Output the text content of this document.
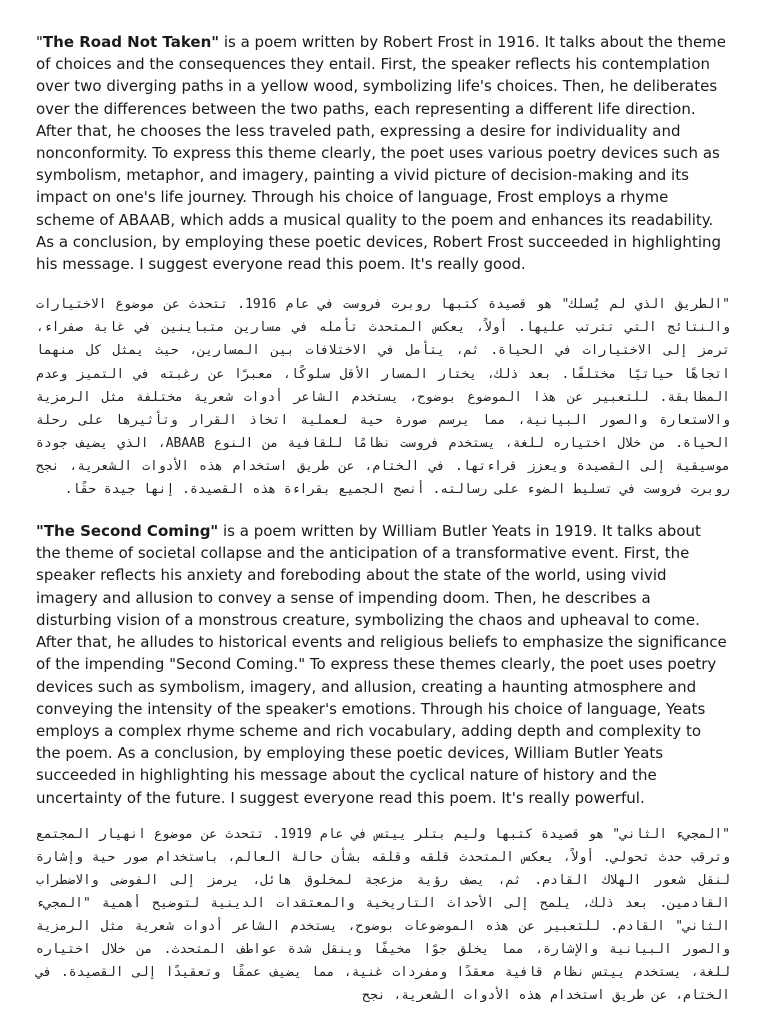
"The Road Not Taken" is a poem written by Robert Frost in 1916. It talks about the theme of choices and the consequences they entail. First, the speaker reflects his contemplation over two diverging paths in a yellow wood, symbolizing life's choices. Then, he deliberates over the differences between the two paths, each representing a different life direction. After that, he chooses the less traveled path, expressing a desire for individuality and nonconformity. To express this theme clearly, the poet uses various poetry devices such as symbolism, metaphor, and imagery, painting a vivid picture of decision-making and its impact on one's life journey. Through his choice of language, Frost employs a rhyme scheme of ABAAB, which adds a musical quality to the poem and enhances its readability. As a conclusion, by employing these poetic devices, Robert Frost succeeded in highlighting his message. I suggest everyone read this poem. It's really good.

"الطريق الذي لم يُسلك" هو قصيدة كتبها روبرت فروست في عام 1916. تتحدث عن موضوع الاختيارات والنتائج التي تترتب عليها. أولاً، يعكس المتحدث تأمله في مسارين متباينين في غابة صفراء، ترمز إلى الاختيارات في الحياة. ثم، يتأمل في الاختلافات بين المسارين، حيث يمثل كل منهما اتجاهًا حياتيًا مختلفًا. بعد ذلك، يختار المسار الأقل سلوكًا، معبرًا عن رغبته في التميز وعدم المطابقة. للتعبير عن هذا الموضوع بوضوح، يستخدم الشاعر أدوات شعرية مختلفة مثل الرمزية والاستعارة والصور البيانية، مما يرسم صورة حية لعملية اتخاذ القرار وتأثيرها على رحلة الحياة. من خلال اختياره للغة، يستخدم فروست نظامًا للقافية من النوع ABAAB، الذي يضيف جودة موسيقية إلى القصيدة ويعزز قراءتها. في الختام، عن طريق استخدام هذه الأدوات الشعرية، نجح روبرت فروست في تسليط الضوء على رسالته. أنصح الجميع بقراءة هذه القصيدة. إنها جيدة حقًا.

"The Second Coming" is a poem written by William Butler Yeats in 1919. It talks about the theme of societal collapse and the anticipation of a transformative event. First, the speaker reflects his anxiety and foreboding about the state of the world, using vivid imagery and allusion to convey a sense of impending doom. Then, he describes a disturbing vision of a monstrous creature, symbolizing the chaos and upheaval to come. After that, he alludes to historical events and religious beliefs to emphasize the significance of the impending "Second Coming." To express these themes clearly, the poet uses poetry devices such as symbolism, imagery, and allusion, creating a haunting atmosphere and conveying the intensity of the speaker's emotions. Through his choice of language, Yeats employs a complex rhyme scheme and rich vocabulary, adding depth and complexity to the poem. As a conclusion, by employing these poetic devices, William Butler Yeats succeeded in highlighting his message about the cyclical nature of history and the uncertainty of the future. I suggest everyone read this poem. It's really powerful.

"المجيء الثاني" هو قصيدة كتبها وليم بتلر ييتس في عام 1919. تتحدث عن موضوع انهيار المجتمع وترقب حدث تحولي. أولاً، يعكس المتحدث قلقه وقلقه بشأن حالة العالم، باستخدام صور حية وإشارة لنقل شعور الهلاك القادم. ثم، يصف رؤية مزعجة لمخلوق هائل، يرمز إلى الفوضى والاضطراب القادمين. بعد ذلك، يلمح إلى الأحداث التاريخية والمعتقدات الدينية لتوضيح أهمية "المجيء الثاني" القادم. للتعبير عن هذه الموضوعات بوضوح، يستخدم الشاعر أدوات شعرية مثل الرمزية والصور البيانية والإشارة، مما يخلق جوًا مخيفًا وينقل شدة عواطف المتحدث. من خلال اختياره للغة، يستخدم ييتس نظام قافية معقدًا ومفردات غنية، مما يضيف عمقًا وتعقيدًا إلى القصيدة. في الختام، عن طريق استخدام هذه الأدوات الشعرية، نجح
